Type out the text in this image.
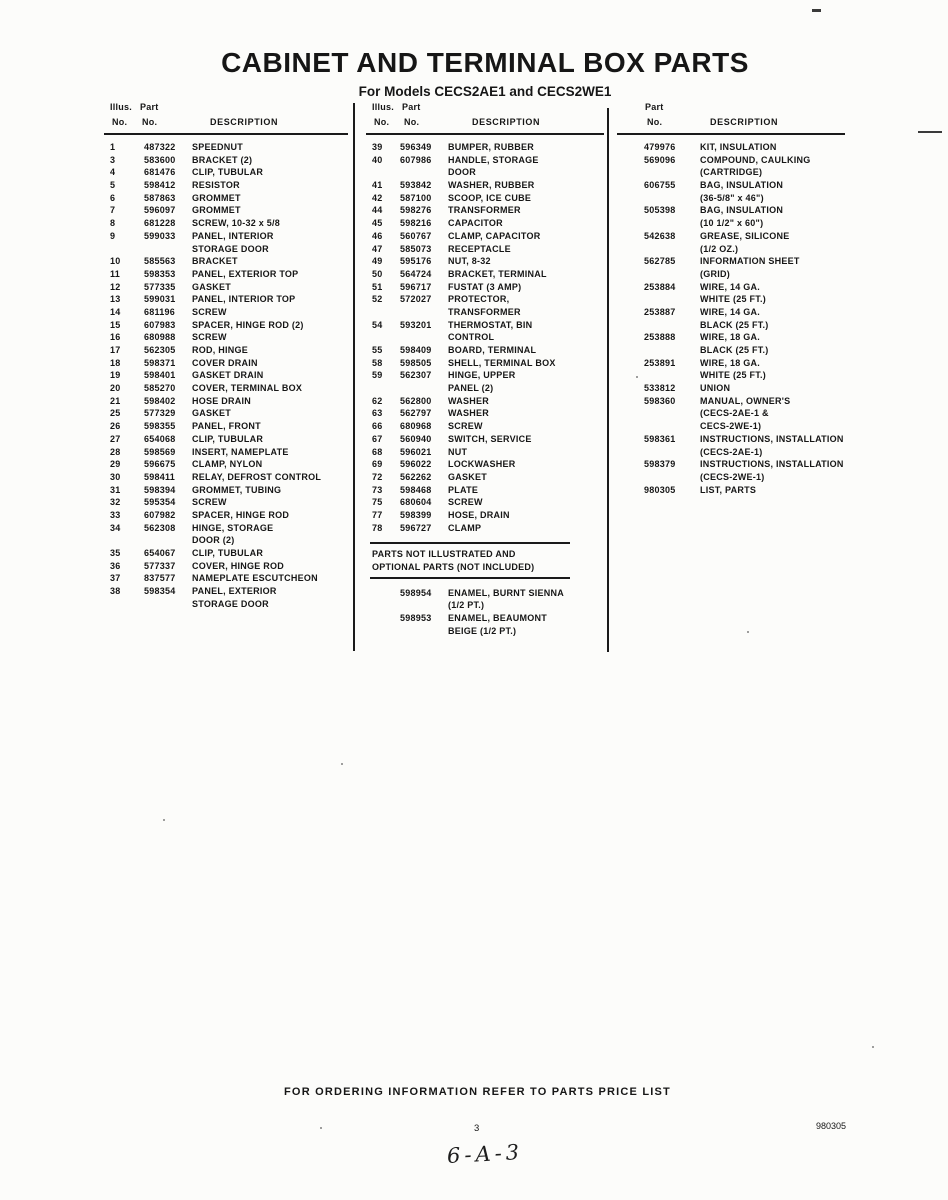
CABINET AND TERMINAL BOX PARTS
For Models CECS2AE1 and CECS2WE1
Illus. Part
No. No.	DESCRIPTION
1	487322	SPEEDNUT
3	583600	BRACKET (2)
4	681476	CLIP, TUBULAR
5	598412	RESISTOR
6	587863	GROMMET
7	596097	GROMMET
8	681228	SCREW, 10-32 x 5/8
9	599033	PANEL, INTERIOR
STORAGE DOOR
10	585563	BRACKET
11	598353	PANEL, EXTERIOR TOP
12	577335	GASKET
13	599031	PANEL, INTERIOR TOP
14	681196	SCREW
15	607983	SPACER, HINGE ROD (2)
16	680988	SCREW
17	562305	ROD, HINGE
18	598371	COVER DRAIN
19	598401	GASKET DRAIN
20	585270	COVER, TERMINAL BOX
21	598402	HOSE DRAIN
25	577329	GASKET
26	598355	PANEL, FRONT
27	654068	CLIP, TUBULAR
28	598569	INSERT, NAMEPLATE
29	596675	CLAMP, NYLON
30	598411	RELAY, DEFROST CONTROL
31	598394	GROMMET, TUBING
32	595354	SCREW
33	607982	SPACER, HINGE ROD
34	562308	HINGE, STORAGE
DOOR (2)
35	654067	CLIP, TUBULAR
36	577337	COVER, HINGE ROD
37	837577	NAMEPLATE ESCUTCHEON
38	598354	PANEL, EXTERIOR
STORAGE DOOR
Illus. Part
No. No.	DESCRIPTION
39	596349	BUMPER, RUBBER
40	607986	HANDLE, STORAGE
DOOR
41	593842	WASHER, RUBBER
42	587100	SCOOP, ICE CUBE
44	598276	TRANSFORMER
45	598216	CAPACITOR
46	560767	CLAMP, CAPACITOR
47	585073	RECEPTACLE
49	595176	NUT, 8-32
50	564724	BRACKET, TERMINAL
51	596717	FUSTAT (3 AMP)
52	572027	PROTECTOR,
TRANSFORMER
54	593201	THERMOSTAT, BIN
CONTROL
55	598409	BOARD, TERMINAL
58	598505	SHELL, TERMINAL BOX
59	562307	HINGE, UPPER
PANEL (2)
62	562800	WASHER
63	562797	WASHER
66	680968	SCREW
67	560940	SWITCH, SERVICE
68	596021	NUT
69	596022	LOCKWASHER
72	562262	GASKET
73	598468	PLATE
75	680604	SCREW
77	598399	HOSE, DRAIN
78	596727	CLAMP
PARTS NOT ILLUSTRATED AND
OPTIONAL PARTS (NOT INCLUDED)
598954	ENAMEL, BURNT SIENNA
(1/2 PT.)
598953	ENAMEL, BEAUMONT
BEIGE (1/2 PT.)
Part
No.	DESCRIPTION
479976	KIT, INSULATION
569096	COMPOUND, CAULKING
(CARTRIDGE)
606755	BAG, INSULATION
(36-5/8" x 46")
505398	BAG, INSULATION
(10 1/2" x 60")
542638	GREASE, SILICONE
(1/2 OZ.)
562785	INFORMATION SHEET
(GRID)
253884	WIRE, 14 GA.
WHITE (25 FT.)
253887	WIRE, 14 GA.
BLACK (25 FT.)
253888	WIRE, 18 GA.
BLACK (25 FT.)
253891	WIRE, 18 GA.
WHITE (25 FT.)
533812	UNION
598360	MANUAL, OWNER'S
(CECS-2AE-1 &
CECS-2WE-1)
598361	INSTRUCTIONS, INSTALLATION
(CECS-2AE-1)
598379	INSTRUCTIONS, INSTALLATION
(CECS-2WE-1)
980305	LIST, PARTS
FOR ORDERING INFORMATION REFER TO PARTS PRICE LIST
3	980305
6-A-3
